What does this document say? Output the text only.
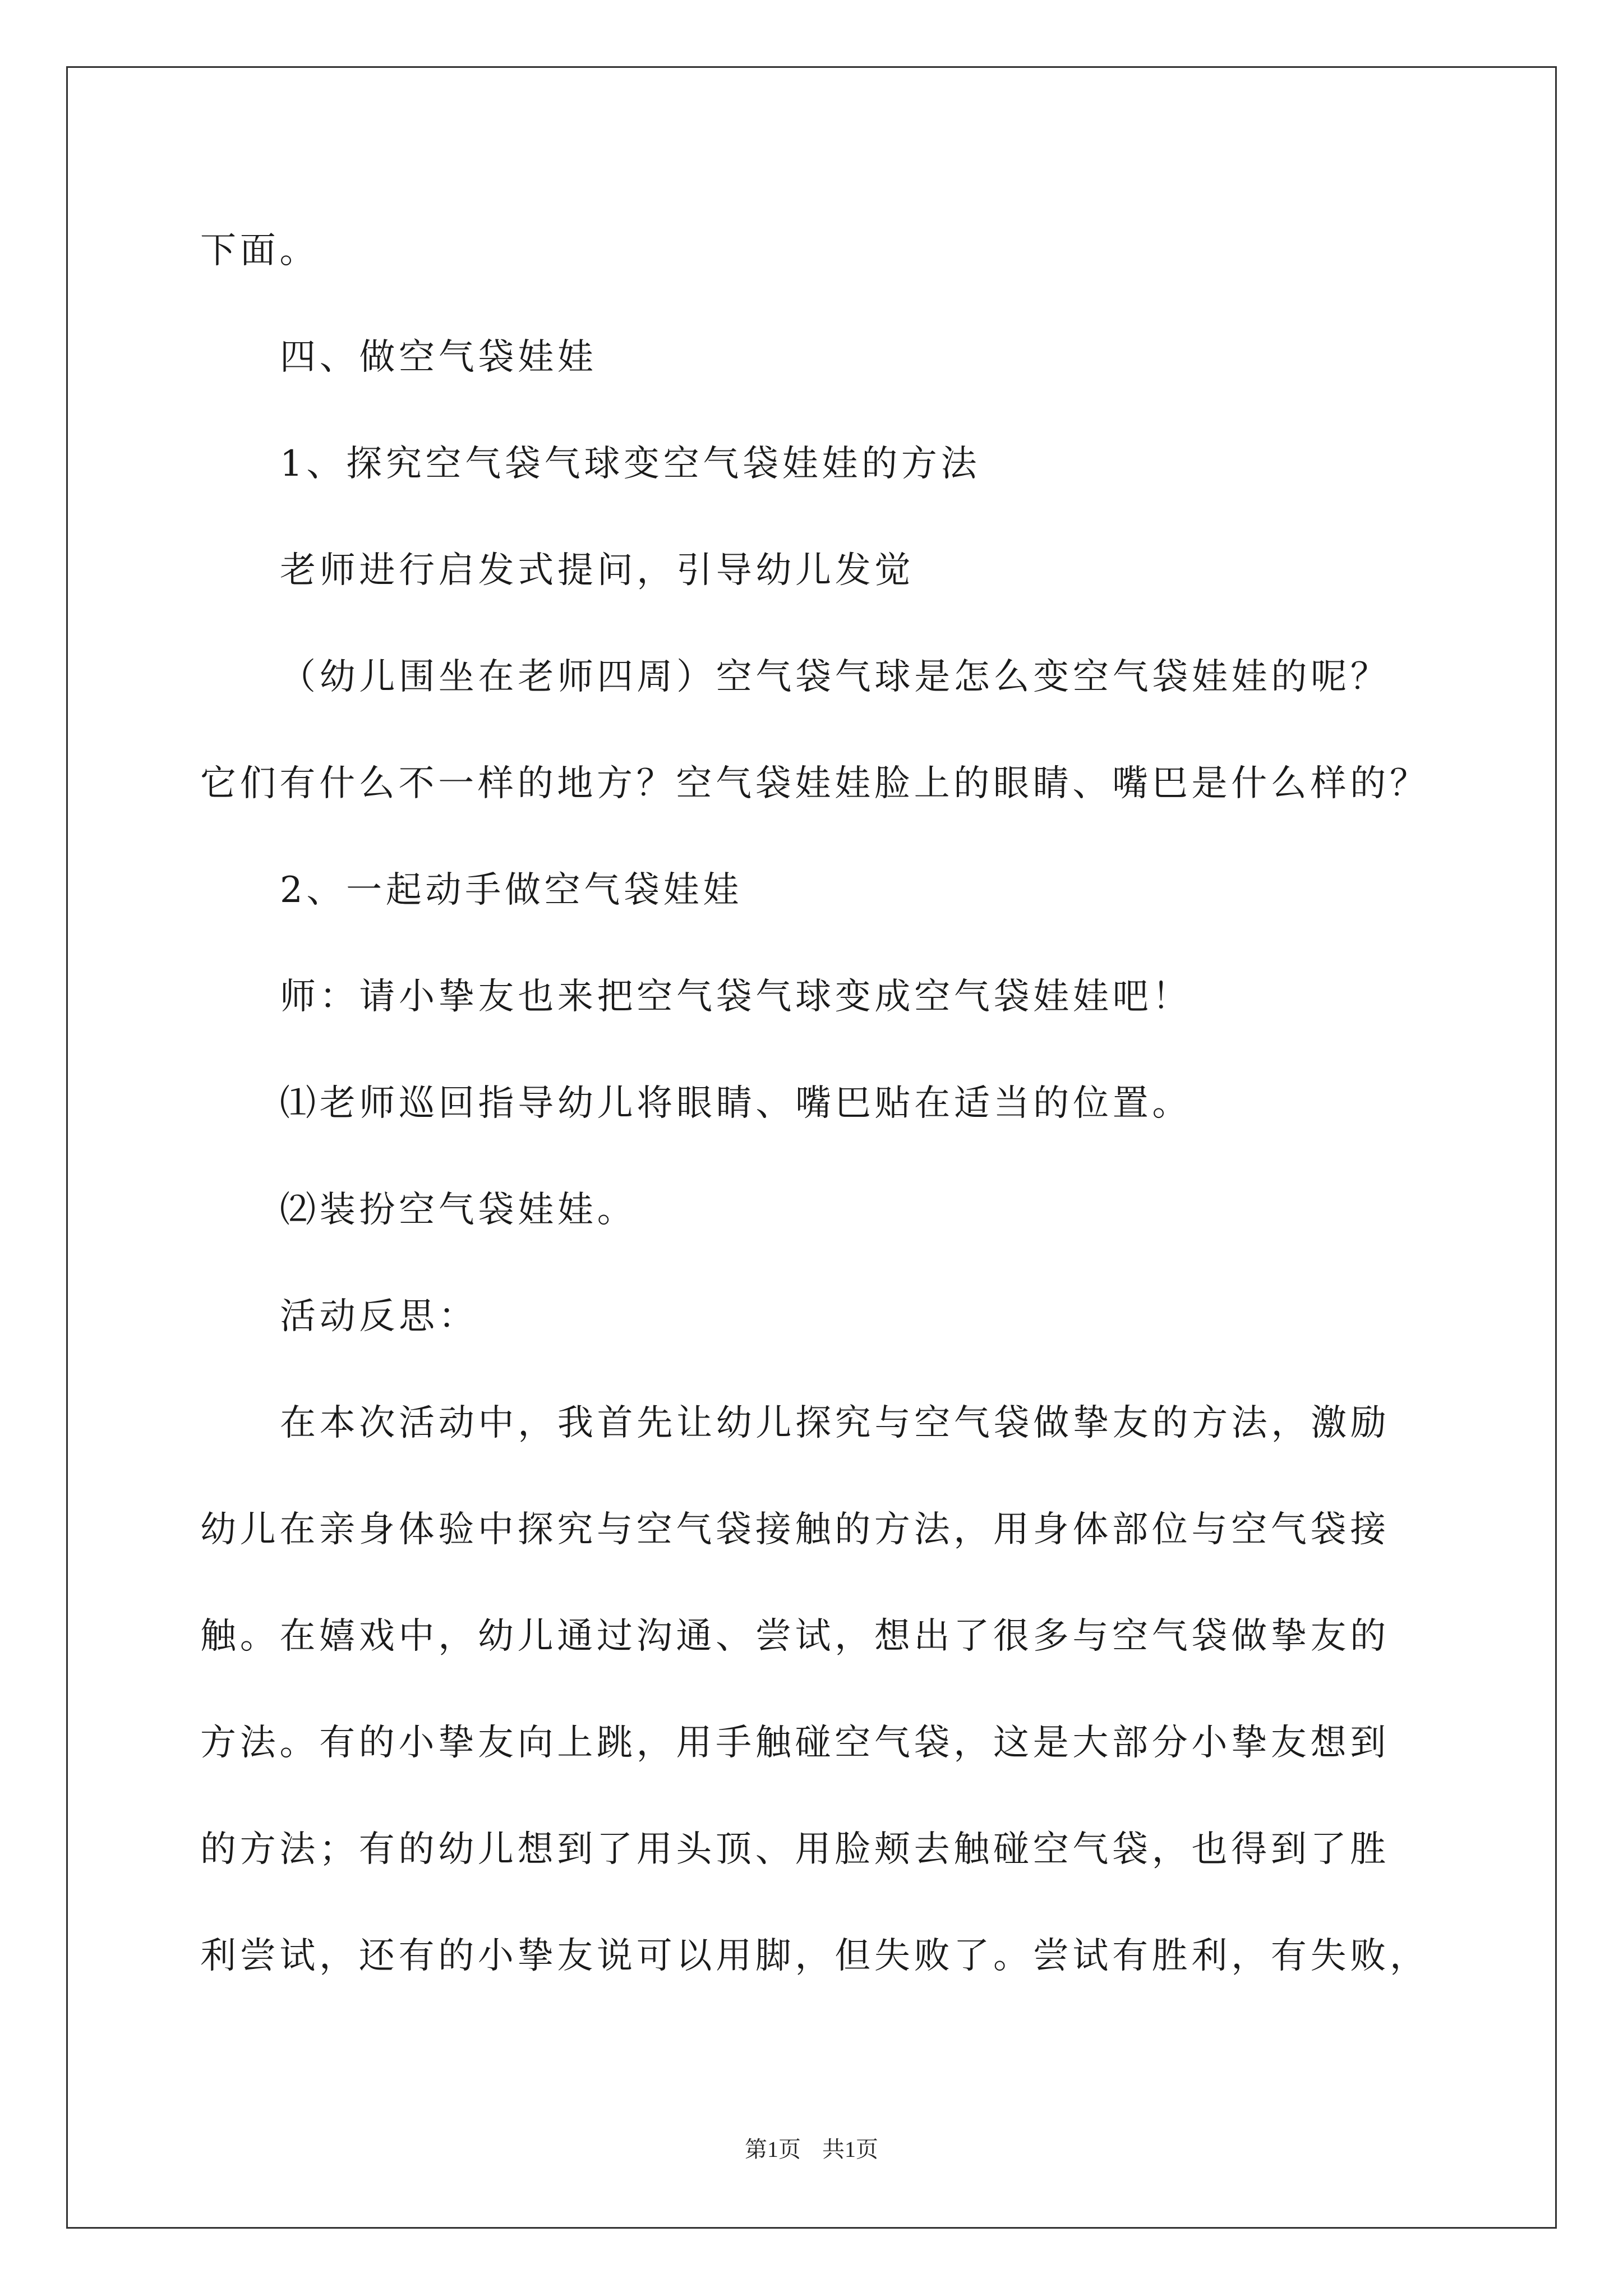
下面。
四、做空气袋娃娃
1、探究空气袋气球变空气袋娃娃的方法
老师进行启发式提问，引导幼儿发觉
（幼儿围坐在老师四周）空气袋气球是怎么变空气袋娃娃的呢？
它们有什么不一样的地方？空气袋娃娃脸上的眼睛、嘴巴是什么样的？
2、一起动手做空气袋娃娃
师：请小挚友也来把空气袋气球变成空气袋娃娃吧！
⑴老师巡回指导幼儿将眼睛、嘴巴贴在适当的位置。
⑵装扮空气袋娃娃。
活动反思：
在本次活动中，我首先让幼儿探究与空气袋做挚友的方法，激励
幼儿在亲身体验中探究与空气袋接触的方法，用身体部位与空气袋接
触。在嬉戏中，幼儿通过沟通、尝试，想出了很多与空气袋做挚友的
方法。有的小挚友向上跳，用手触碰空气袋，这是大部分小挚友想到
的方法；有的幼儿想到了用头顶、用脸颊去触碰空气袋，也得到了胜
利尝试，还有的小挚友说可以用脚，但失败了。尝试有胜利，有失败，
第1页 共1页
